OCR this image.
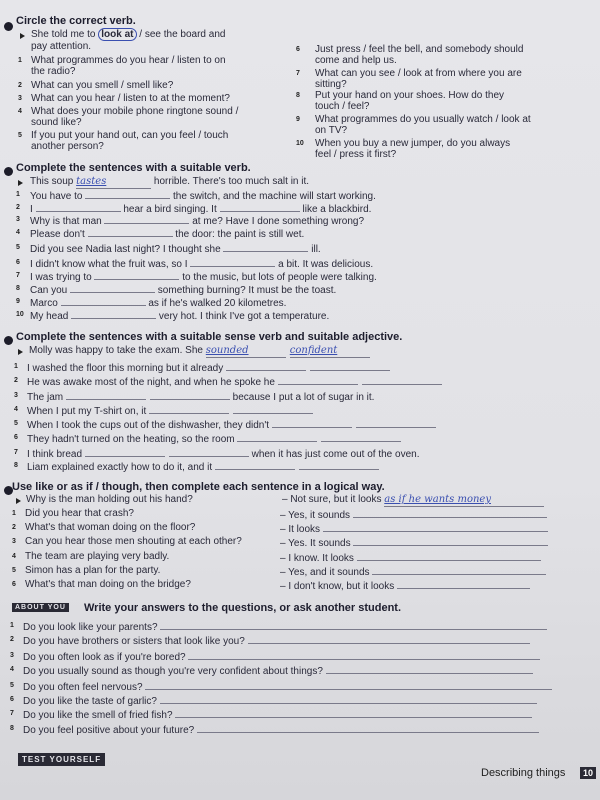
Circle the correct verb.
She told me to look at / see the board and
pay attention.
1 What programmes do you hear / listen to on
the radio?
2 What can you smell / smell like?
3 What can you hear / listen to at the moment?
4 What does your mobile phone ringtone sound /
sound like?
5 If you put your hand out, can you feel / touch
another person?
6 Just press / feel the bell, and somebody should
come and help us.
7 What can you see / look at from where you are
sitting?
8 Put your hand on your shoes. How do they
touch / feel?
9 What programmes do you usually watch / look at
on TV?
10 When you buy a new jumper, do you always
feel / press it first?
Complete the sentences with a suitable verb.
This soup tastes	horrible. There's too much salt in it.
1 You have to	the switch, and the machine will start working.
2 I	hear a bird singing. It	like a blackbird.
3 Why is that man	at me? Have I done something wrong?
4 Please don't	the door: the paint is still wet.
5 Did you see Nadia last night? I thought she	ill.
6 I didn't know what the fruit was, so I	a bit. It was delicious.
7 I was trying to	to the music, but lots of people were talking.
8 Can you	something burning? It must be the toast.
9 Marco	as if he's walked 20 kilometres.
10 My head	very hot. I think I've got a temperature.
Complete the sentences with a suitable sense verb and suitable adjective.
Molly was happy to take the exam. She sounded	confident
1 I washed the floor this morning but it already
2 He was awake most of the night, and when he spoke he
3 The jam	because I put a lot of sugar in it.
4 When I put my T-shirt on, it
5 When I took the cups out of the dishwasher, they didn't
6 They hadn't turned on the heating, so the room
7 I think bread	when it has just come out of the oven.
8 Liam explained exactly how to do it, and it
Use like or as if / though, then complete each sentence in a logical way.
Why is the man holding out his hand?	– Not sure, but it looks as if he wants money
1 Did you hear that crash?	– Yes, it sounds
2 What's that woman doing on the floor?	– It looks
3 Can you hear those men shouting at each other?	– Yes. It sounds
4 The team are playing very badly.	– I know. It looks
5 Simon has a plan for the party.	– Yes, and it sounds
6 What's that man doing on the bridge?	– I don't know, but it looks
ABOUT YOU Write your answers to the questions, or ask another student.
1 Do you look like your parents?
2 Do you have brothers or sisters that look like you?
3 Do you often look as if you're bored?
4 Do you usually sound as though you're very confident about things?
5 Do you often feel nervous?
6 Do you like the taste of garlic?
7 Do you like the smell of fried fish?
8 Do you feel positive about your future?
TEST YOURSELF
Describing things	10
